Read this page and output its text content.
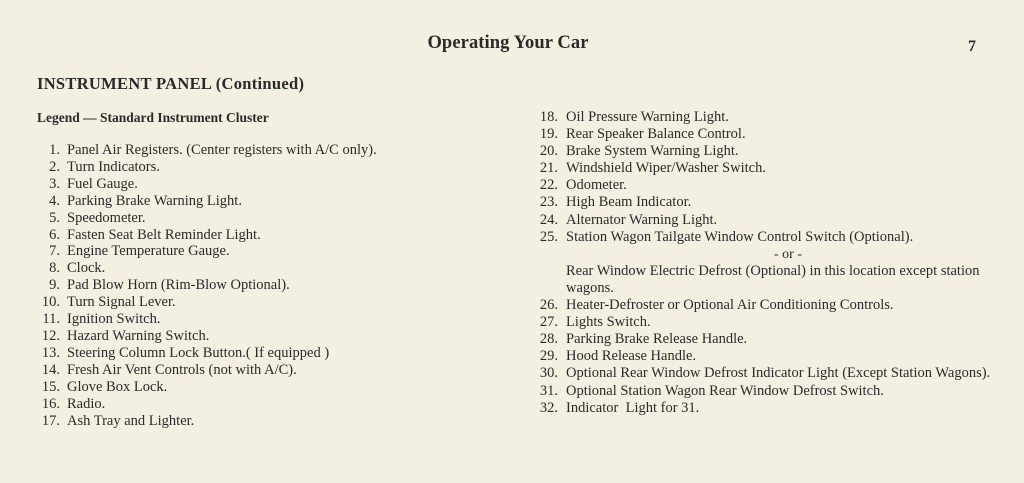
Operating Your Car	7
INSTRUMENT PANEL (Continued)
Legend — Standard Instrument Cluster
1 . Panel Air Registers. (Center registers with A/C only).
2 . Turn Indicators.
3 . Fuel Gauge.
4 . Parking Brake Warning Light.
5 . Speedometer.
6 . Fasten Seat Belt Reminder Light.
7 . Engine Temperature Gauge.
8 . Clock.
9 . Pad Blow Horn (Rim-Blow Optional).
10 . Turn Signal Lever.
11 . Ignition Switch.
12 . Hazard Warning Switch.
13 . Steering Column Lock Button.( If equipped )
14 . Fresh Air Vent Controls (not with A/C).
15 . Glove Box Lock.
16 . Radio.
17 . Ash Tray and Lighter.
18 . Oil Pressure Warning Light.
19 . Rear Speaker Balance Control.
20 . Brake System Warning Light.
21 . Windshield Wiper/Washer Switch.
22 . Odometer.
23 . High Beam Indicator.
24 . Alternator Warning Light.
25 . Station Wagon Tailgate Window Control Switch (Optional).
- or -
Rear Window Electric Defrost (Optional) in this location except station wagons.
26 . Heater-Defroster or Optional Air Conditioning Controls.
27 . Lights Switch.
28 . Parking Brake Release Handle.
29 . Hood Release Handle.
30 . Optional Rear Window Defrost Indicator Light (Except Station Wagons).
31 . Optional Station Wagon Rear Window Defrost Switch.
32 . Indicator  Light for 31.
